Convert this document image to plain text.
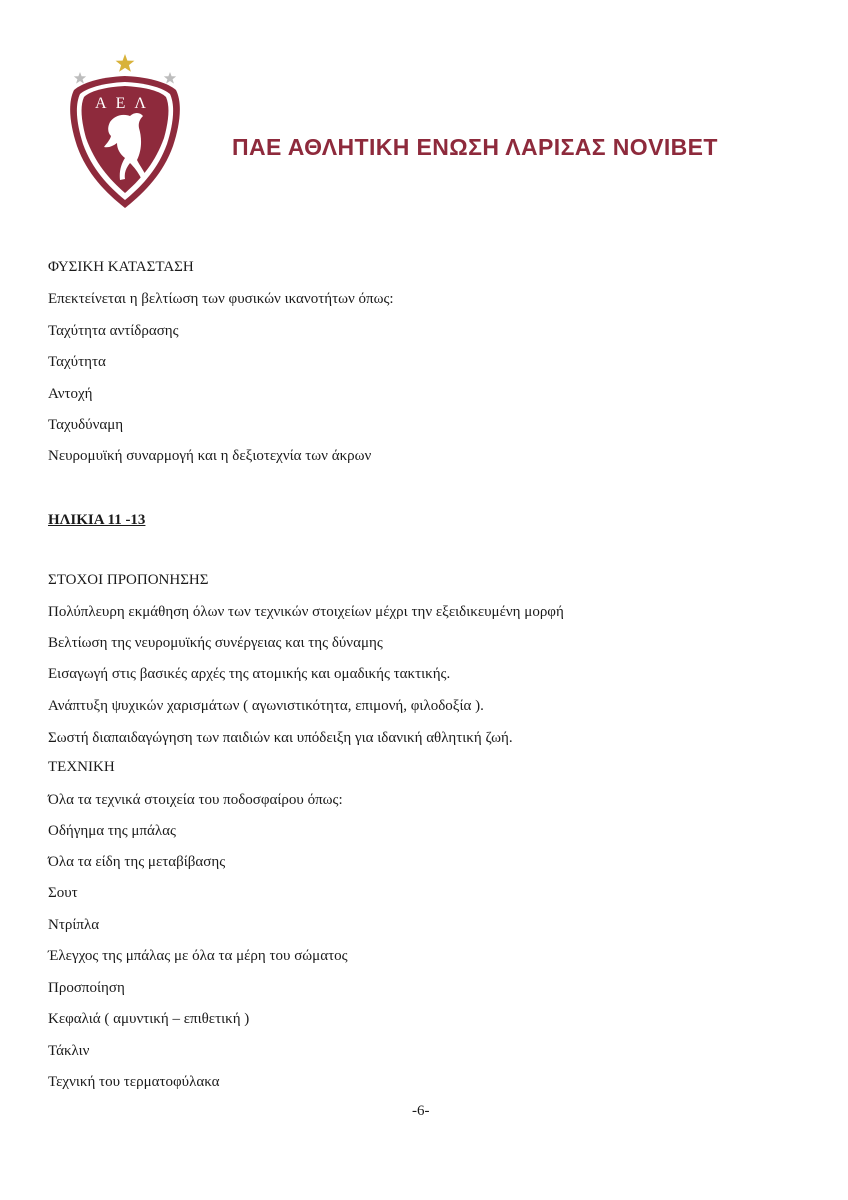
ΑΕΛ
ΠΑΕ ΑΘΛΗΤΙΚΗ ΕΝΩΣΗ ΛΑΡΙΣΑΣ NOVIBET
ΦΥΣΙΚΗ ΚΑΤΑΣΤΑΣΗ
Επεκτείνεται η βελτίωση των φυσικών ικανοτήτων όπως:
Ταχύτητα αντίδρασης
Ταχύτητα
Αντοχή
Ταχυδύναμη
Νευρομυϊκή συναρμογή και η δεξιοτεχνία των άκρων
ΗΛΙΚΙΑ 11 -13
ΣΤΟΧΟΙ ΠΡΟΠΟΝΗΣΗΣ
Πολύπλευρη εκμάθηση όλων των τεχνικών στοιχείων μέχρι την εξειδικευμένη μορφή
Βελτίωση της νευρομυϊκής συνέργειας και της δύναμης
Εισαγωγή στις βασικές αρχές της ατομικής και ομαδικής τακτικής.
Ανάπτυξη ψυχικών χαρισμάτων ( αγωνιστικότητα, επιμονή, φιλοδοξία ).
Σωστή διαπαιδαγώγηση των παιδιών και υπόδειξη για ιδανική αθλητική ζωή.
ΤΕΧΝΙΚΗ
Όλα τα τεχνικά στοιχεία του ποδοσφαίρου όπως:
Οδήγημα της μπάλας
Όλα τα είδη της μεταβίβασης
Σουτ
Ντρίπλα
Έλεγχος της μπάλας με όλα τα μέρη του σώματος
Προσποίηση
Κεφαλιά ( αμυντική – επιθετική )
Τάκλιν
Τεχνική του τερματοφύλακα
-6-
